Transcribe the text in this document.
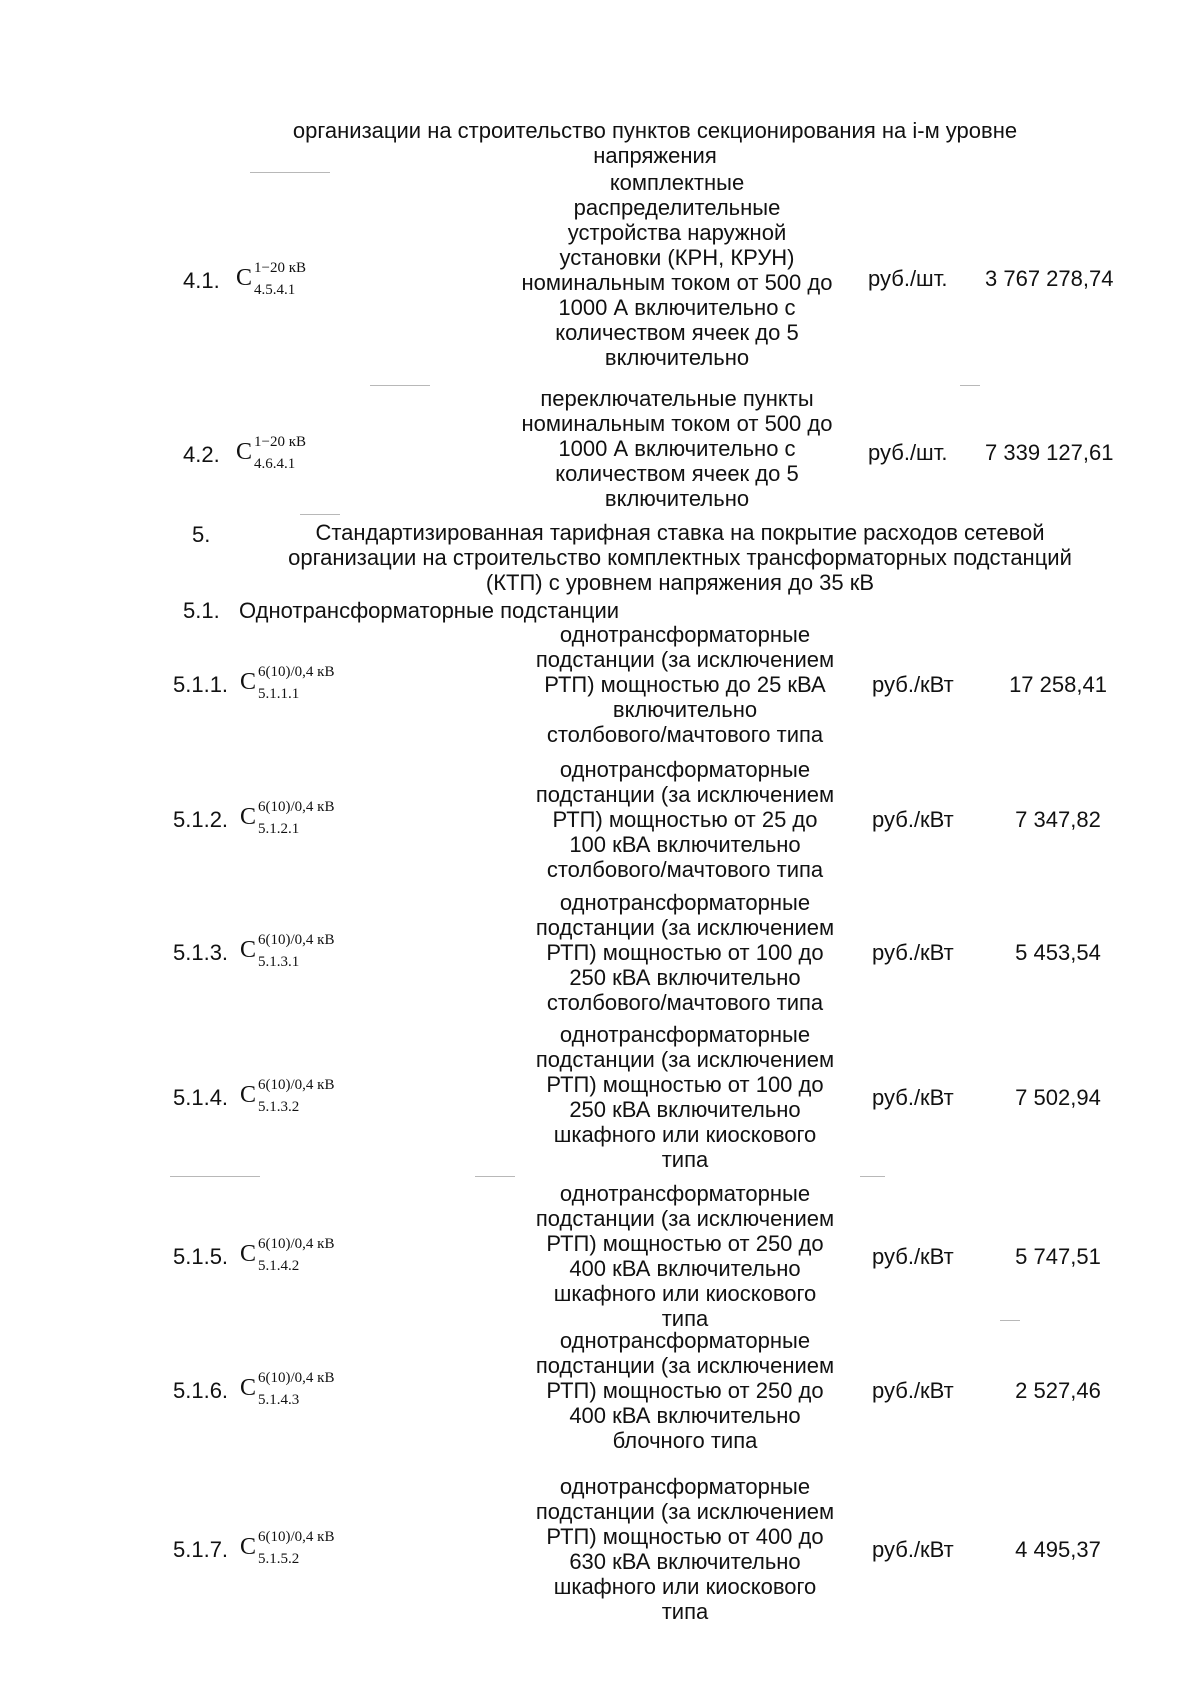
организации на строительство пунктов секционирования на i-м уровне
напряжения
4.1. С 1−20 кВ
4.5.4.1
комплектные
распределительные
устройства наружной
установки (КРН, КРУН)
номинальным током от 500 до
1000 А включительно с
количеством ячеек до 5
включительно
руб./шт. 3 767 278,74
4.2. С 1−20 кВ
4.6.4.1
переключательные пункты
номинальным током от 500 до
1000 А включительно с
количеством ячеек до 5
включительно
руб./шт. 7 339 127,61
5.	Стандартизированная тарифная ставка на покрытие расходов сетевой
организации на строительство комплектных трансформаторных подстанций
(КТП) с уровнем напряжения до 35 кВ
5.1. Однотрансформаторные подстанции
5.1.1. С 6(10)/0,4 кВ
5.1.1.1
однотрансформаторные
подстанции (за исключением
РТП) мощностью до 25 кВА
включительно
столбового/мачтового типа
руб./кВт	17 258,41
5.1.2. С 6(10)/0,4 кВ
5.1.2.1
однотрансформаторные
подстанции (за исключением
РТП) мощностью от 25 до
100 кВА включительно
столбового/мачтового типа
руб./кВт	7 347,82
5.1.3. С 6(10)/0,4 кВ
5.1.3.1
однотрансформаторные
подстанции (за исключением
РТП) мощностью от 100 до
250 кВА включительно
столбового/мачтового типа
руб./кВт	5 453,54
5.1.4. С 6(10)/0,4 кВ
5.1.3.2
однотрансформаторные
подстанции (за исключением
РТП) мощностью от 100 до
250 кВА включительно
шкафного или киоскового
типа
руб./кВт	7 502,94
5.1.5. С 6(10)/0,4 кВ
5.1.4.2
однотрансформаторные
подстанции (за исключением
РТП) мощностью от 250 до
400 кВА включительно
шкафного или киоскового
типа
руб./кВт	5 747,51
5.1.6. С 6(10)/0,4 кВ
5.1.4.3
однотрансформаторные
подстанции (за исключением
РТП) мощностью от 250 до
400 кВА включительно
блочного типа
руб./кВт	2 527,46
5.1.7. С 6(10)/0,4 кВ
5.1.5.2
однотрансформаторные
подстанции (за исключением
РТП) мощностью от 400 до
630 кВА включительно
шкафного или киоскового
типа
руб./кВт	4 495,37
